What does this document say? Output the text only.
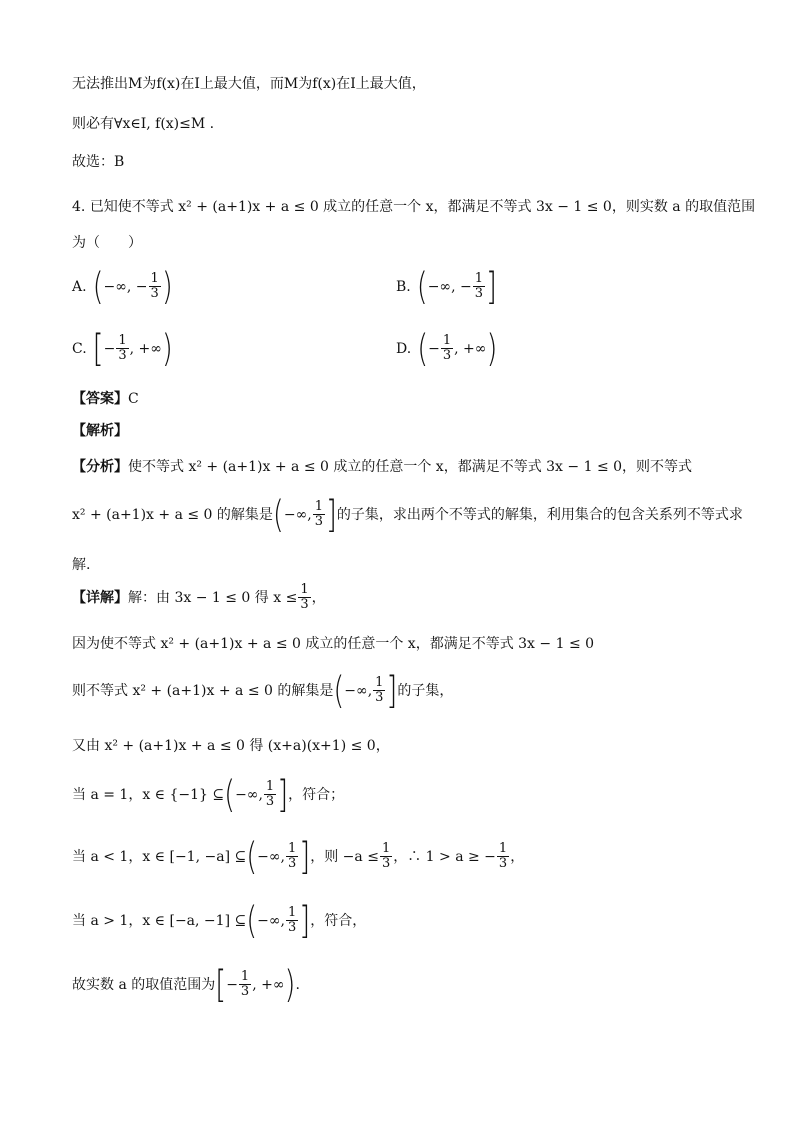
无法推出M为f(x)在I上最大值，而M为f(x)在I上最大值，
则必有∀x∈I, f(x)≤M .
故选：B
4. 已知使不等式 x² + (a+1)x + a ≤ 0 成立的任意一个 x，都满足不等式 3x − 1 ≤ 0，则实数 a 的取值范围
为（　　）
A. ( −∞, − $\frac{1}{3}$ )	B. ( −∞, − $\frac{1}{3}$ ]
C. [ − $\frac{1}{3}$ , +∞ )	D. ( − $\frac{1}{3}$ , +∞ )
【答案】C
【解析】
【分析】使不等式 x² + (a+1)x + a ≤ 0 成立的任意一个 x，都满足不等式 3x − 1 ≤ 0，则不等式
x² + (a+1)x + a ≤ 0 的解集是 ( −∞, $\frac{1}{3}$ ] 的子集，求出两个不等式的解集，利用集合的包含关系列不等式求
解.
【详解】 解：由 3x − 1 ≤ 0 得 $x \le \frac{1}{3}$ ，
因为使不等式 x² + (a+1)x + a ≤ 0 成立的任意一个 x，都满足不等式 3x − 1 ≤ 0
则不等式 x² + (a+1)x + a ≤ 0 的解集是 ( −∞, $\frac{1}{3}$ ] 的子集，
又由 x² + (a+1)x + a ≤ 0 得 (x+a)(x+1) ≤ 0，
当 a = 1，x ∈ {−1} ⊆ ( −∞, $\frac{1}{3}$ ] ，符合；
当 a < 1，x ∈ [−1, −a] ⊆ ( −∞, $\frac{1}{3}$ ] ，则 $-a \le \frac{1}{3}$ ，∴ 1 > a ≥ − $\frac{1}{3}$ ，
当 a > 1，x ∈ [−a, −1] ⊆ ( −∞, $\frac{1}{3}$ ] ，符合，
故实数 a 的取值范围为 [ − $\frac{1}{3}$ , +∞ ) .
